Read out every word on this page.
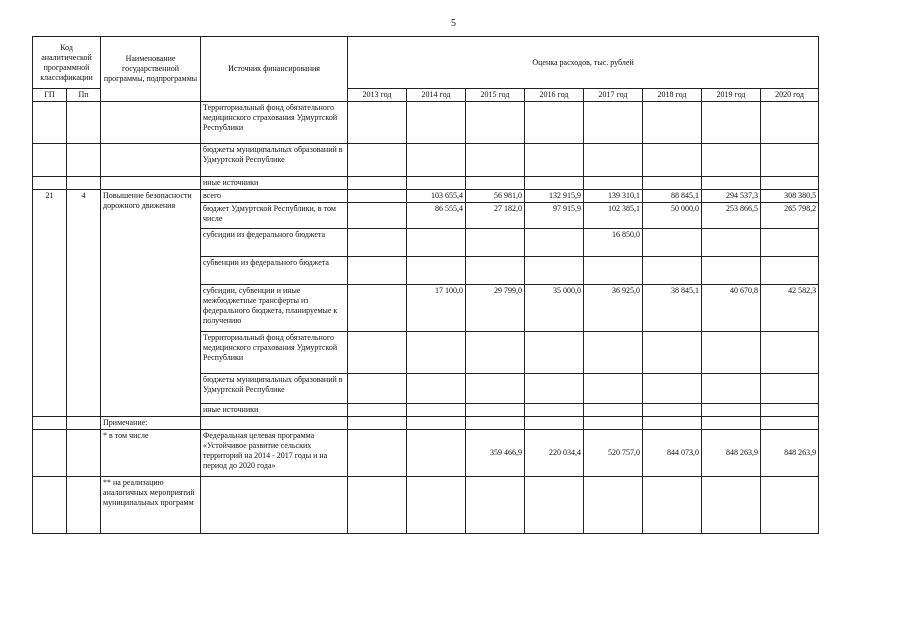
5
Код аналитической программной классификации		Наименование государственной программы, подпрограммы	Источник финансирования	Оценка расходов, тыс. рублей							
ГП	Пп			2013 год	2014 год	2015 год	2016 год	2017 год	2018 год	2019 год	2020 год
			Территориальный фонд обязательного медицинского страхования Удмуртской Республики								
			бюджеты муниципальных образований в Удмуртской Республике								
			иные источники								
21	4	Повышение безопасности дорожного движения	всего		103 655,4	56 981,0	132 915,9	139 310,1	88 845,1	294 537,3	308 380,5
			бюджет Удмуртской Республики, в том числе		86 555,4	27 182,0	97 915,9	102 385,1	50 000,0	253 866,5	265 798,2
			субсидии из федерального бюджета					16 850,0			
			субвенции из федерального бюджета								
			субсидии, субвенции и иные межбюджетные трансферты из федерального бюджета, планируемые к получению		17 100,0	29 799,0	35 000,0	36 925,0	38 845,1	40 670,8	42 582,3
			Территориальный фонд обязательного медицинского страхования Удмуртской Республики								
			бюджеты муниципальных образований в Удмуртской Республике								
			иные источники								
		Примечание:									
		* в том числе	Федеральная целевая программа «Устойчивое развитие сельских территорий на 2014 - 2017 годы и на период до 2020 года»			359 466,9	220 034,4	520 757,0	844 073,0	848 263,9	848 263,9
		** на реализацию аналогичных мероприятий муниципальных программ									
